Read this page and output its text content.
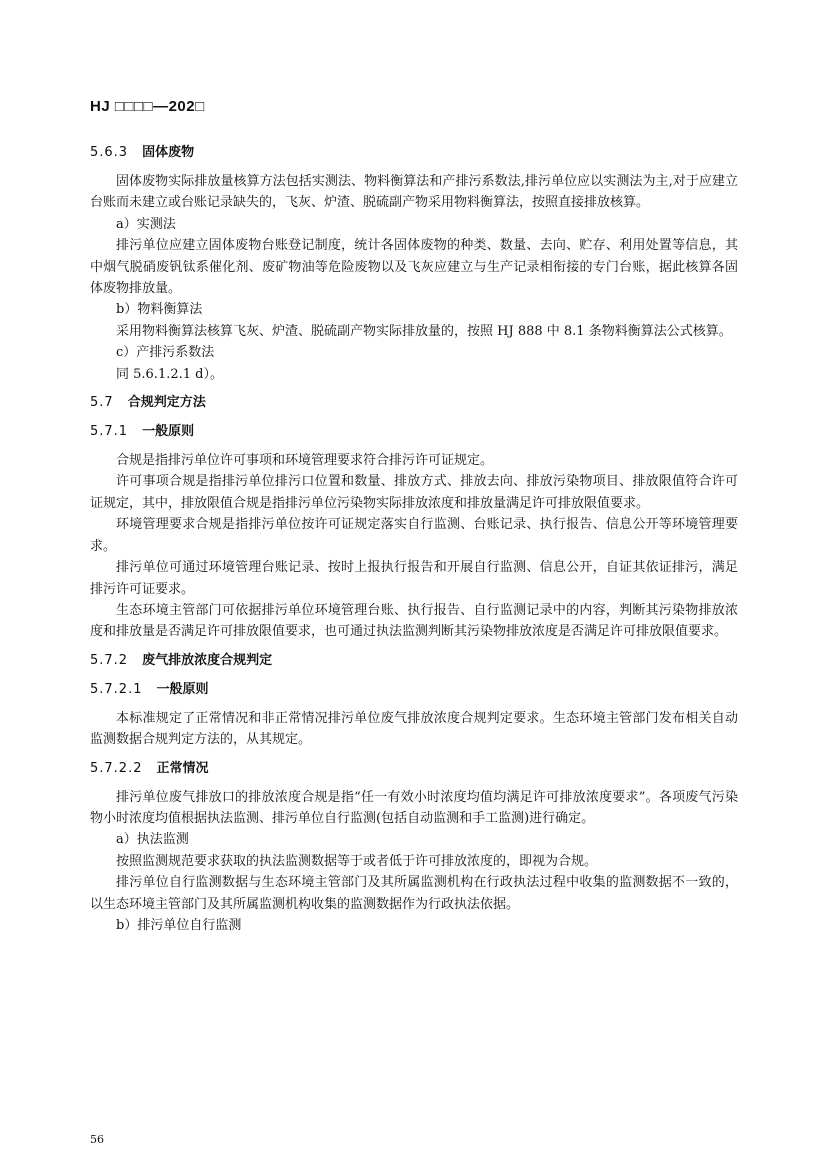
HJ □□□□—202□
5.6.3 固体废物

固体废物实际排放量核算方法包括实测法、物料衡算法和产排污系数法,排污单位应以实测法为主,对于应建立台账而未建立或台账记录缺失的，飞灰、炉渣、脱硫副产物采用物料衡算法，按照直接排放核算。

a）实测法

排污单位应建立固体废物台账登记制度，统计各固体废物的种类、数量、去向、贮存、利用处置等信息，其中烟气脱硝废钒钛系催化剂、废矿物油等危险废物以及飞灰应建立与生产记录相衔接的专门台账，据此核算各固体废物排放量。

b）物料衡算法

采用物料衡算法核算飞灰、炉渣、脱硫副产物实际排放量的，按照 HJ 888 中 8.1 条物料衡算法公式核算。

c）产排污系数法

同 5.6.1.2.1 d）。

5.7 合规判定方法
5.7.1 一般原则

合规是指排污单位许可事项和环境管理要求符合排污许可证规定。

许可事项合规是指排污单位排污口位置和数量、排放方式、排放去向、排放污染物项目、排放限值符合许可证规定，其中，排放限值合规是指排污单位污染物实际排放浓度和排放量满足许可排放限值要求。

环境管理要求合规是指排污单位按许可证规定落实自行监测、台账记录、执行报告、信息公开等环境管理要求。

排污单位可通过环境管理台账记录、按时上报执行报告和开展自行监测、信息公开，自证其依证排污，满足排污许可证要求。

生态环境主管部门可依据排污单位环境管理台账、执行报告、自行监测记录中的内容，判断其污染物排放浓度和排放量是否满足许可排放限值要求，也可通过执法监测判断其污染物排放浓度是否满足许可排放限值要求。

5.7.2 废气排放浓度合规判定
5.7.2.1 一般原则

本标准规定了正常情况和非正常情况排污单位废气排放浓度合规判定要求。生态环境主管部门发布相关自动监测数据合规判定方法的，从其规定。

5.7.2.2 正常情况

排污单位废气排放口的排放浓度合规是指“任一有效小时浓度均值均满足许可排放浓度要求”。各项废气污染物小时浓度均值根据执法监测、排污单位自行监测(包括自动监测和手工监测)进行确定。

a）执法监测

按照监测规范要求获取的执法监测数据等于或者低于许可排放浓度的，即视为合规。

排污单位自行监测数据与生态环境主管部门及其所属监测机构在行政执法过程中收集的监测数据不一致的，以生态环境主管部门及其所属监测机构收集的监测数据作为行政执法依据。

b）排污单位自行监测

56
